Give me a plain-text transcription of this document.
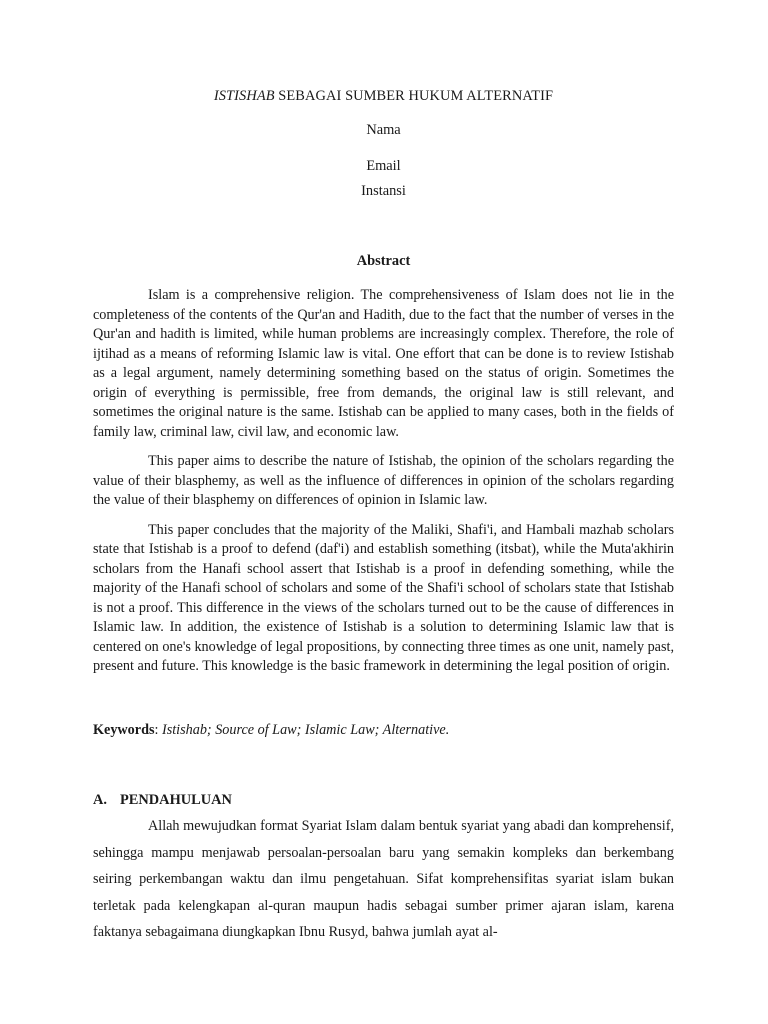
ISTISHAB SEBAGAI SUMBER HUKUM ALTERNATIF
Nama
Email
Instansi
Abstract

Islam is a comprehensive religion. The comprehensiveness of Islam does not lie in the completeness of the contents of the Qur'an and Hadith, due to the fact that the number of verses in the Qur'an and hadith is limited, while human problems are increasingly complex. Therefore, the role of ijtihad as a means of reforming Islamic law is vital. One effort that can be done is to review Istishab as a legal argument, namely determining something based on the status of origin. Sometimes the origin of everything is permissible, free from demands, the original law is still relevant, and sometimes the original nature is the same. Istishab can be applied to many cases, both in the fields of family law, criminal law, civil law, and economic law.

This paper aims to describe the nature of Istishab, the opinion of the scholars regarding the value of their blasphemy, as well as the influence of differences in opinion of the scholars regarding the value of their blasphemy on differences of opinion in Islamic law.

This paper concludes that the majority of the Maliki, Shafi'i, and Hambali mazhab scholars state that Istishab is a proof to defend (daf'i) and establish something (itsbat), while the Muta'akhirin scholars from the Hanafi school assert that Istishab is a proof in defending something, while the majority of the Hanafi school of scholars and some of the Shafi'i school of scholars state that Istishab is not a proof. This difference in the views of the scholars turned out to be the cause of differences in Islamic law. In addition, the existence of Istishab is a solution to determining Islamic law that is centered on one's knowledge of legal propositions, by connecting three times as one unit, namely past, present and future. This knowledge is the basic framework in determining the legal position of origin.

Keywords: Istishab; Source of Law; Islamic Law; Alternative.
A. PENDAHULUAN

Allah mewujudkan format Syariat Islam dalam bentuk syariat yang abadi dan komprehensif, sehingga mampu menjawab persoalan-persoalan baru yang semakin kompleks dan berkembang seiring perkembangan waktu dan ilmu pengetahuan. Sifat komprehensifitas syariat islam bukan terletak pada kelengkapan al-quran maupun hadis sebagai sumber primer ajaran islam, karena faktanya sebagaimana diungkapkan Ibnu Rusyd, bahwa jumlah ayat al-
